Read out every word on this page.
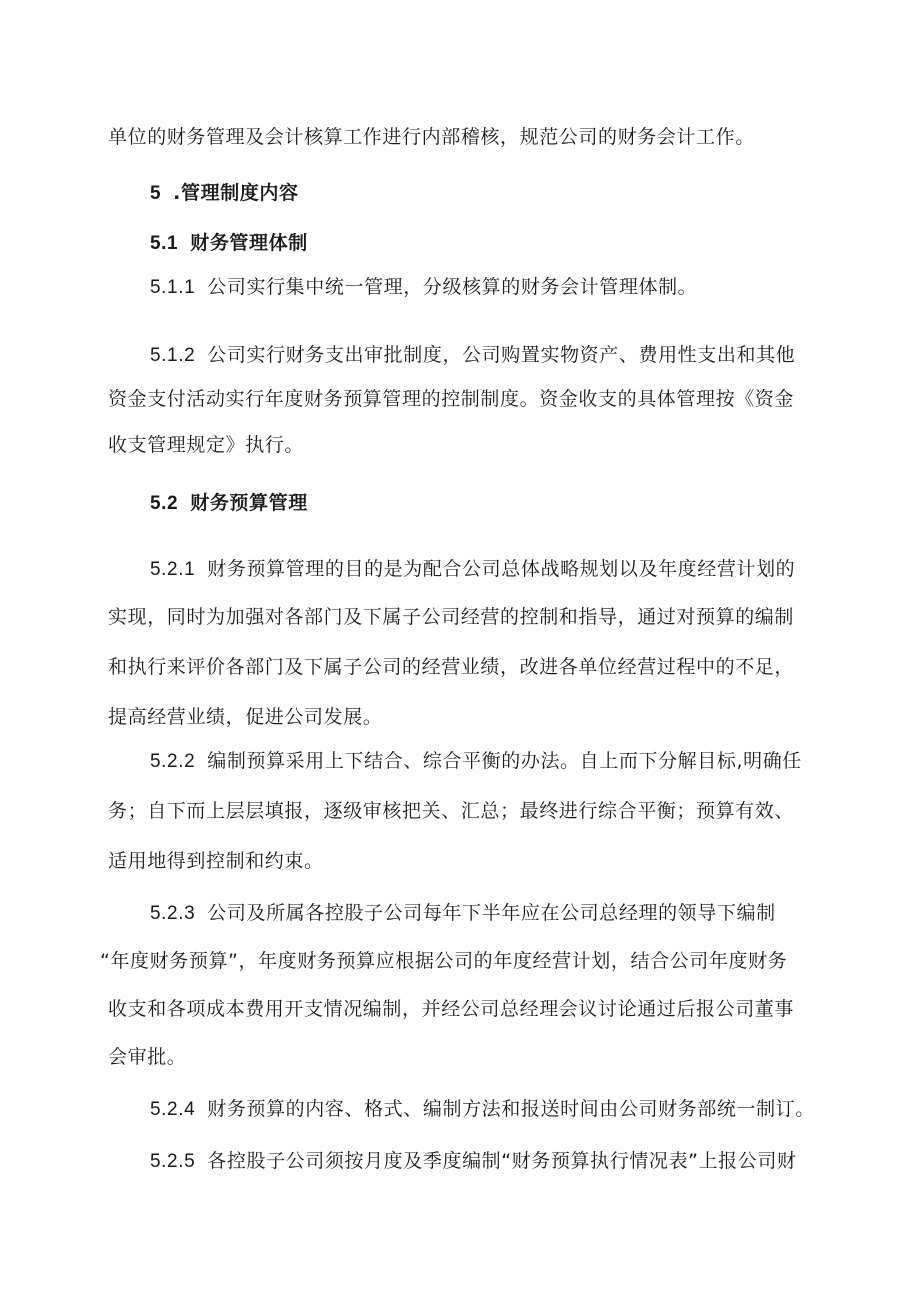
单位的财务管理及会计核算工作进行内部稽核，规范公司的财务会计工作。
5 .管理制度内容
5.1 财务管理体制
5.1.1 公司实行集中统一管理，分级核算的财务会计管理体制。
5.1.2 公司实行财务支出审批制度，公司购置实物资产、费用性支出和其他
资金支付活动实行年度财务预算管理的控制制度。资金收支的具体管理按《资金
收支管理规定》执行。
5.2 财务预算管理
5.2.1 财务预算管理的目的是为配合公司总体战略规划以及年度经营计划的
实现，同时为加强对各部门及下属子公司经营的控制和指导，通过对预算的编制
和执行来评价各部门及下属子公司的经营业绩，改进各单位经营过程中的不足，
提高经营业绩，促进公司发展。
5.2.2 编制预算采用上下结合、综合平衡的办法。自上而下分解目标,明确任
务；自下而上层层填报，逐级审核把关、汇总；最终进行综合平衡；预算有效、
适用地得到控制和约束。
5.2.3 公司及所属各控股子公司每年下半年应在公司总经理的领导下编制
“年度财务预算”，年度财务预算应根据公司的年度经营计划，结合公司年度财务
收支和各项成本费用开支情况编制，并经公司总经理会议讨论通过后报公司董事
会审批。
5.2.4 财务预算的内容、格式、编制方法和报送时间由公司财务部统一制订。
5.2.5 各控股子公司须按月度及季度编制“财务预算执行情况表”上报公司财
